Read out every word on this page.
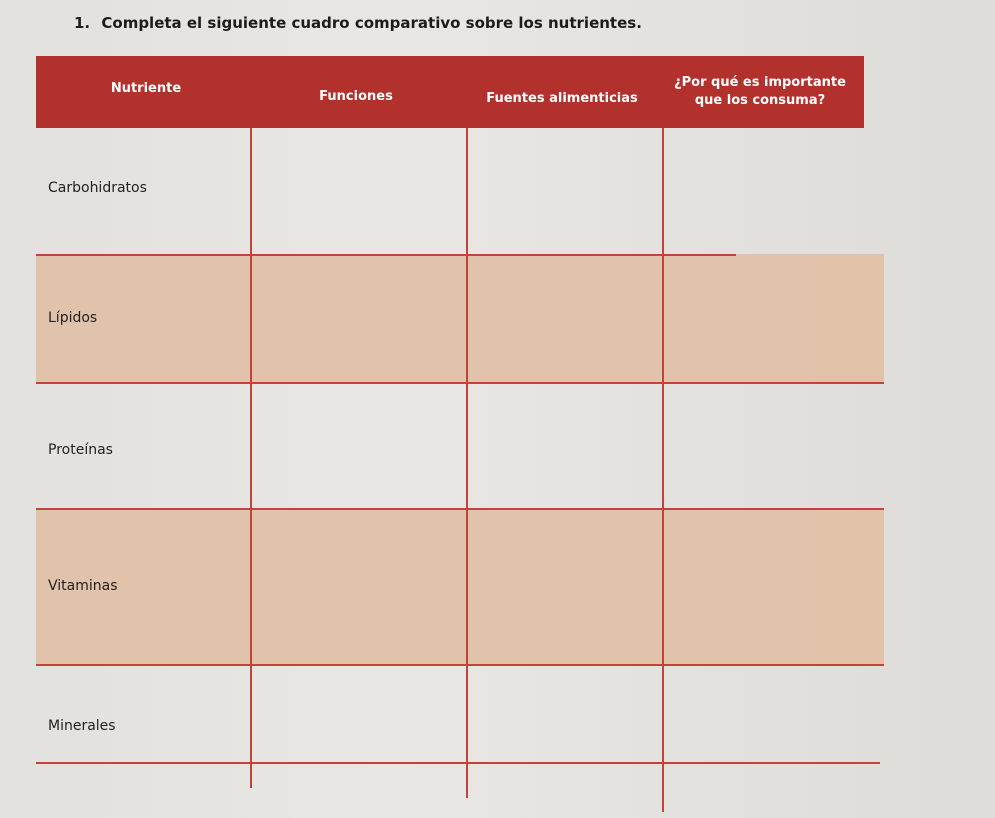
1. Completa el siguiente cuadro comparativo sobre los nutrientes.
Nutriente
Funciones	Fuentes alimenticias
¿Por qué es importante que los consuma?
Carbohidratos
Lípidos
Proteínas
Vitaminas
Minerales
